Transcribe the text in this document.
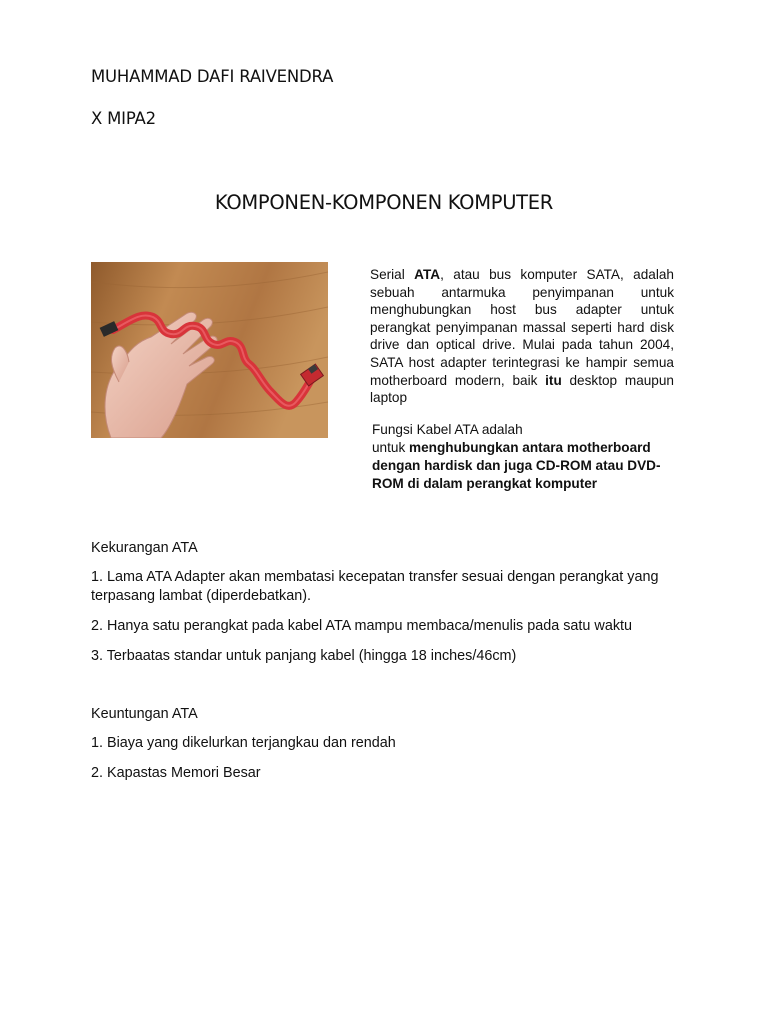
MUHAMMAD DAFI RAIVENDRA
X MIPA2
KOMPONEN-KOMPONEN KOMPUTER

Serial ATA, atau bus komputer SATA, adalah sebuah antarmuka penyimpanan untuk menghubungkan host bus adapter untuk perangkat penyimpanan massal seperti hard disk drive dan optical drive. Mulai pada tahun 2004, SATA host adapter terintegrasi ke hampir semua motherboard modern, baik itu desktop maupun laptop

Fungsi Kabel ATA adalah
untuk menghubungkan antara motherboard dengan hardisk dan juga CD-ROM atau DVD-ROM di dalam perangkat komputer

Kekurangan ATA

1. Lama ATA Adapter akan membatasi kecepatan transfer sesuai dengan perangkat yang terpasang lambat (diperdebatkan).

2. Hanya satu perangkat pada kabel ATA mampu membaca/menulis pada satu waktu

3. Terbaatas standar untuk panjang kabel (hingga 18 inches/46cm)

Keuntungan ATA

1. Biaya yang dikelurkan terjangkau dan rendah

2. Kapastas Memori Besar
